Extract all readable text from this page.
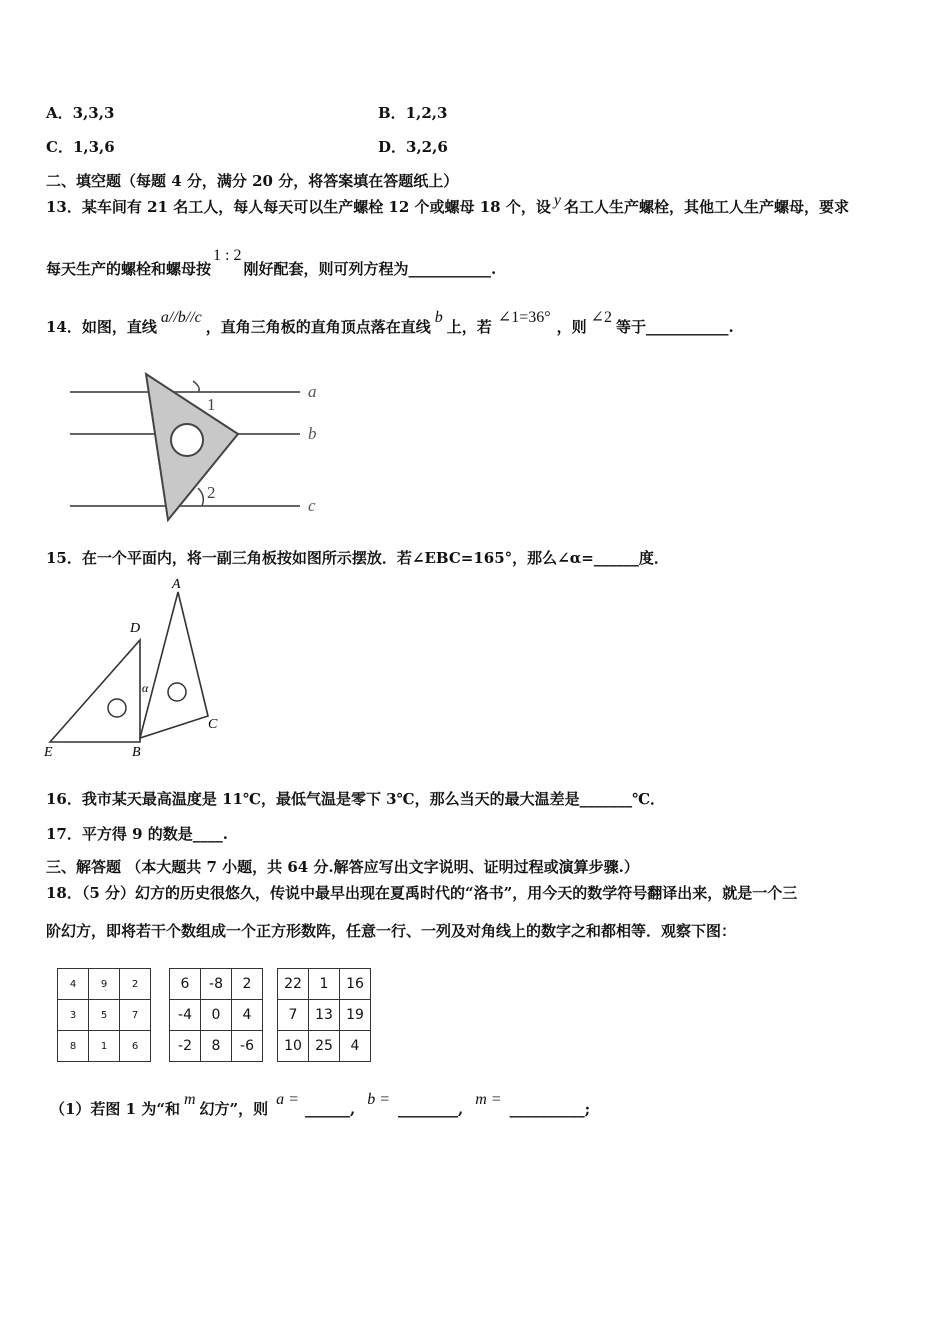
A．3,3,3	B．1,2,3
C．1,3,6	D．3,2,6
二、填空题（每题 4 分，满分 20 分，将答案填在答题纸上）
13．某车间有 21 名工人，每人每天可以生产螺栓 12 个或螺母 18 个，设 y 名工人生产螺栓，其他工人生产螺母，要求
每天生产的螺栓和螺母按1 : 2刚好配套，则可列方程为___________.
14．如图，直线a//b//c，直角三角板的直角顶点落在直线b上，若∠1=36°，则∠2等于___________.
a
b
c
1
2
15．在一个平面内，将一副三角板按如图所示摆放．若∠EBC=165°，那么∠α=______度．
A
D
C
E	B
α
16．我市某天最高温度是 11℃，最低气温是零下 3℃，那么当天的最大温差是_______℃．
17．平方得 9 的数是____.
三、解答题 （本大题共 7 小题，共 64 分.解答应写出文字说明、证明过程或演算步骤.）
18．（5 分）幻方的历史很悠久，传说中最早出现在夏禹时代的“洛书”，用今天的数学符号翻译出来，就是一个三
阶幻方，即将若干个数组成一个正方形数阵，任意一行、一列及对角线上的数字之和都相等．观察下图：
4	9	2
3	5	7
8	1	6
6	-8	2
-4	0	4
-2	8	-6
22	1	16
7	13	19
10	25	4
（1）若图 1 为“和m幻方”，则a =______,b =________,m =__________;
